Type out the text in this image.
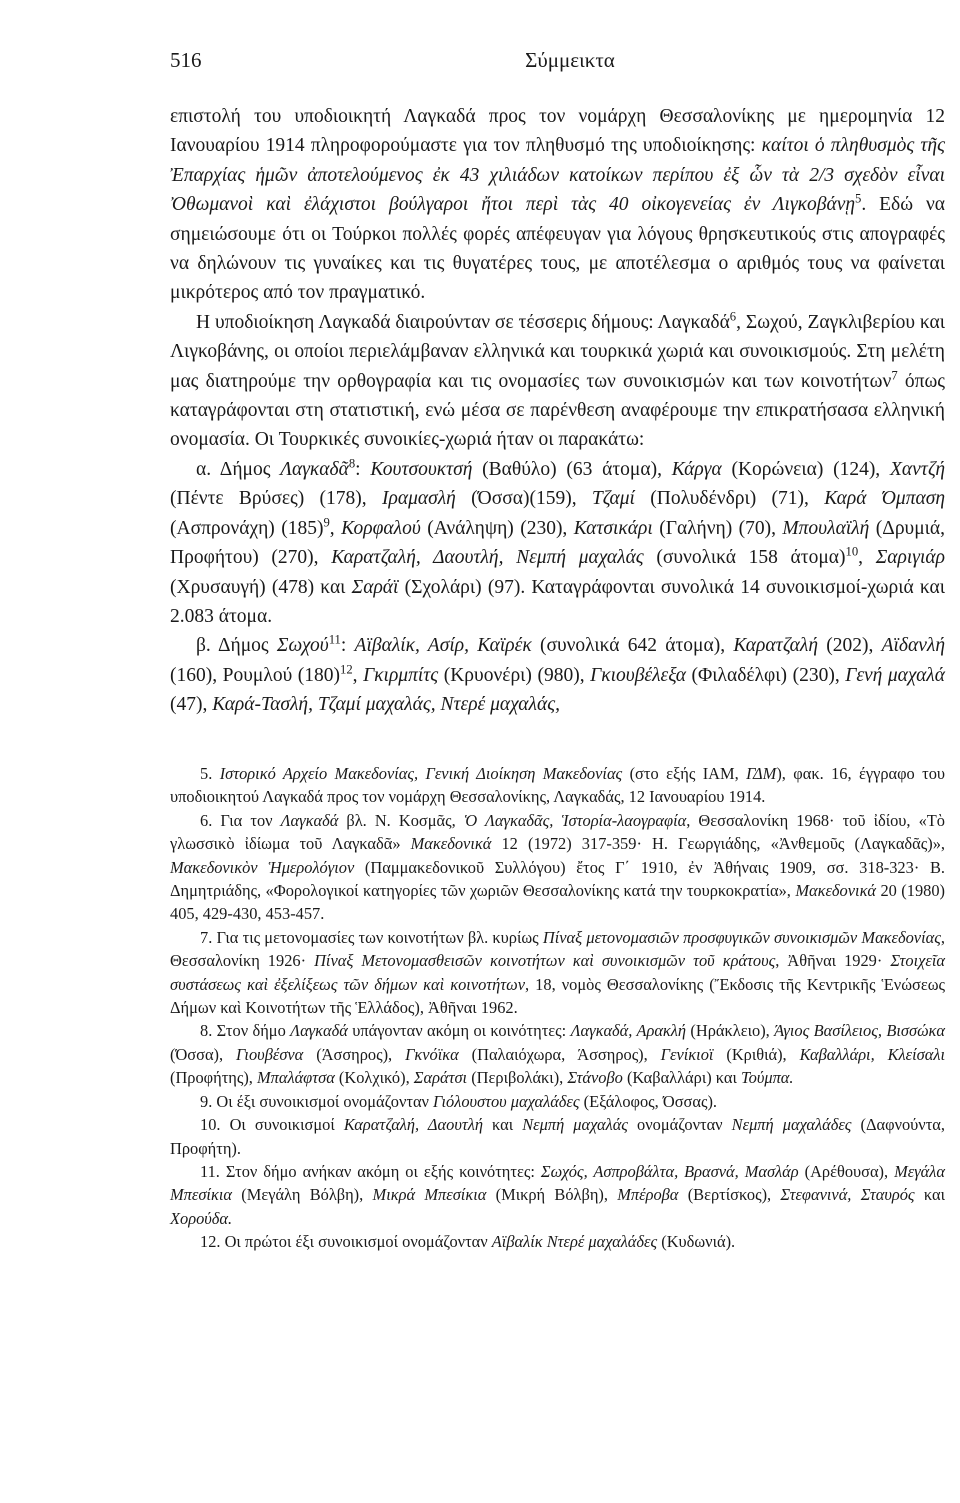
516	Σύμμεικτα

επιστολή του υποδιοικητή Λαγκαδά προς τον νομάρχη Θεσσαλονίκης με ημερομηνία 12 Ιανουαρίου 1914 πληροφορούμαστε για τον πληθυσμό της υποδιοίκησης: καίτοι ὁ πληθυσμὸς τῆς Ἐπαρχίας ἡμῶν ἀποτελούμενος ἐκ 43 χιλιάδων κατοίκων περίπου ἐξ ὧν τὰ 2/3 σχεδὸν εἶναι Ὀθωμανοὶ καὶ ἐλάχιστοι βούλγαροι ἤτοι περὶ τὰς 40 οἰκογενείας ἐν Λιγκοβάνῃ$^5$. Εδώ να σημειώσουμε ότι οι Τούρκοι πολλές φορές απέφευγαν για λόγους θρησκευτικούς στις απογραφές να δηλώνουν τις γυναίκες και τις θυγατέρες τους, με αποτέλεσμα ο αριθμός τους να φαίνεται μικρότερος από τον πραγματικό.

Η υποδιοίκηση Λαγκαδά διαιρούνταν σε τέσσερις δήμους: Λαγκαδά$^6$, Σωχού, Ζαγκλιβερίου και Λιγκοβάνης, οι οποίοι περιελάμβαναν ελληνικά και τουρκικά χωριά και συνοικισμούς. Στη μελέτη μας διατηρούμε την ορθογραφία και τις ονομασίες των συνοικισμών και των κοινοτήτων$^7$ όπως καταγράφονται στη στατιστική, ενώ μέσα σε παρένθεση αναφέρουμε την επικρατήσασα ελληνική ονομασία. Οι Τουρκικές συνοικίες-χωριά ήταν οι παρακάτω:

α. Δήμος Λαγκαδᾶ$^8$: Κουτσουκτσή (Βαθύλο) (63 άτομα), Κάργα (Κορώνεια) (124), Χαντζή (Πέντε Βρύσες) (178), Ιραμασλή (Όσσα)(159), Τζαμί (Πολυδένδρι) (71), Καρά Όμπαση (Ασπρονάχη) $(185)^9$, Κορφαλού (Ανάληψη) (230), Κατσικάρι (Γαλήνη) (70), Μπουλαϊλή (Δρυμιά, Προφήτου) (270), Καρατζαλή, Δαουτλή, Νεμπή μαχαλάς (συνολικά 158 άτομα)$^{10}$, Σαριγιάρ (Χρυσαυγή) (478) και Σαράϊ (Σχολάρι) (97). Καταγράφονται συνολικά 14 συνοικισμοί-χωριά και 2.083 άτομα.

β. Δήμος Σωχού$^{11}$: Αϊβαλίκ, Ασίρ, Καϊρέκ (συνολικά 642 άτομα), Καρατζαλή (202), Αϊδανλή (160), Ρουμλού $(180)^{12}$, Γκιρμπίτς (Κρυονέρι) (980), Γκιουβέλεξα (Φιλαδέλφι) (230), Γενή μαχαλά (47), Καρά-Τασλή, Τζαμί μαχαλάς, Ντερέ μαχαλάς,

5. Ιστορικό Αρχείο Μακεδονίας, Γενική Διοίκηση Μακεδονίας (στο εξής ΙΑΜ, ΓΔΜ), φακ. 16, έγγραφο του υποδιοικητού Λαγκαδά προς τον νομάρχη Θεσσαλονίκης, Λαγκαδάς, 12 Ιανουαρίου 1914.

6. Για τον Λαγκαδά βλ. Ν. Κοσμᾶς, Ὁ Λαγκαδᾶς, Ἱστορία-λαογραφία, Θεσσαλονίκη 1968· τοῦ ἰδίου, «Τὸ γλωσσικὸ ἰδίωμα τοῦ Λαγκαδᾶ» Μακεδονικά 12 (1972) 317-359· Η. Γεωργιάδης, «Ἀνθεμοῦς (Λαγκαδᾶς)», Μακεδονικὸν Ἡμερολόγιον (Παμμακεδονικοῦ Συλλόγου) ἔτος Γ΄ 1910, ἐν Ἀθήναις 1909, σσ. 318-323· Β. Δημητριάδης, «Φορολογικοί κατηγορίες τῶν χωριῶν Θεσσαλονίκης κατά την τουρκοκρατία», Μακεδονικά 20 (1980) 405, 429-430, 453-457.

7. Για τις μετονομασίες των κοινοτήτων βλ. κυρίως Πίναξ μετονομασιῶν προσφυγικῶν συνοικισμῶν Μακεδονίας, Θεσσαλονίκη 1926· Πίναξ Μετονομασθεισῶν κοινοτήτων καὶ συνοικισμῶν τοῦ κράτους, Ἀθῆναι 1929· Στοιχεῖα συστάσεως καὶ ἐξελίξεως τῶν δήμων καὶ κοινοτήτων, 18, νομὸς Θεσσαλονίκης (Ἔκδοσις τῆς Κεντρικῆς Ἑνώσεως Δήμων καὶ Κοινοτήτων τῆς Ἑλλάδος), Ἀθῆναι 1962.

8. Στον δήμο Λαγκαδά υπάγονταν ακόμη οι κοινότητες: Λαγκαδά, Αρακλή (Ηράκλειο), Άγιος Βασίλειος, Βισσώκα (Όσσα), Γιουβέσνα (Άσσηρος), Γκνόϊκα (Παλαιόχωρα, Άσσηρος), Γενίκιοϊ (Κριθιά), Καβαλλάρι, Κλείσαλι (Προφήτης), Μπαλάφτσα (Κολχικό), Σαράτσι (Περιβολάκι), Στάνοβο (Καβαλλάρι) και Τούμπα.

9. Οι έξι συνοικισμοί ονομάζονταν Γιόλουστου μαχαλάδες (Εξάλοφος, Όσσας).

10. Οι συνοικισμοί Καρατζαλή, Δαουτλή και Νεμπή μαχαλάς ονομάζονταν Νεμπή μαχαλάδες (Δαφνούντα, Προφήτη).

11. Στον δήμο ανήκαν ακόμη οι εξής κοινότητες: Σωχός, Ασπροβάλτα, Βρασνά, Μασλάρ (Αρέθουσα), Μεγάλα Μπεσίκια (Μεγάλη Βόλβη), Μικρά Μπεσίκια (Μικρή Βόλβη), Μπέροβα (Βερτίσκος), Στεφανινά, Σταυρός και Χορούδα.

12. Οι πρώτοι έξι συνοικισμοί ονομάζονταν Αϊβαλίκ Ντερέ μαχαλάδες (Κυδωνιά).
